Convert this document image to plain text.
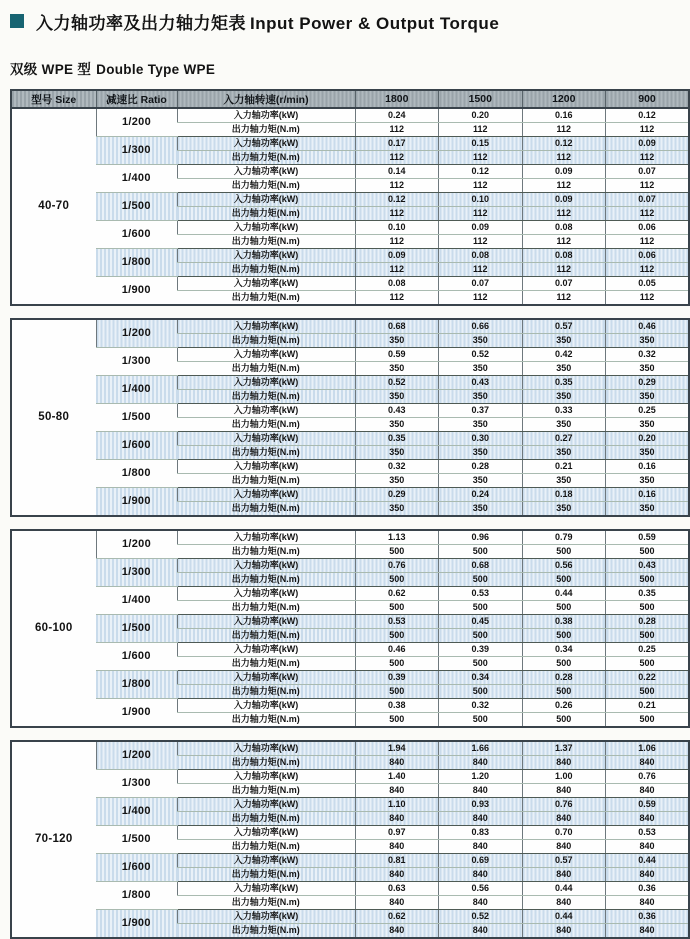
入力轴功率及出力轴力矩表 Input Power & Output Torque
双级 WPE 型 Double Type WPE
型号 Size	减速比 Ratio	入力轴转速(r/min)	1800	1500	1200	900
40-70	1/200	入力轴功率(kW)	0.24	0.20	0.16	0.12
		出力轴力矩(N.m)	112	112	112	112
	1/300	入力轴功率(kW)	0.17	0.15	0.12	0.09
		出力轴力矩(N.m)	112	112	112	112
	1/400	入力轴功率(kW)	0.14	0.12	0.09	0.07
		出力轴力矩(N.m)	112	112	112	112
	1/500	入力轴功率(kW)	0.12	0.10	0.09	0.07
		出力轴力矩(N.m)	112	112	112	112
	1/600	入力轴功率(kW)	0.10	0.09	0.08	0.06
		出力轴力矩(N.m)	112	112	112	112
	1/800	入力轴功率(kW)	0.09	0.08	0.08	0.06
		出力轴力矩(N.m)	112	112	112	112
	1/900	入力轴功率(kW)	0.08	0.07	0.07	0.05
		出力轴力矩(N.m)	112	112	112	112
50-80	1/200	入力轴功率(kW)	0.68	0.66	0.57	0.46
		出力轴力矩(N.m)	350	350	350	350
	1/300	入力轴功率(kW)	0.59	0.52	0.42	0.32
		出力轴力矩(N.m)	350	350	350	350
	1/400	入力轴功率(kW)	0.52	0.43	0.35	0.29
		出力轴力矩(N.m)	350	350	350	350
	1/500	入力轴功率(kW)	0.43	0.37	0.33	0.25
		出力轴力矩(N.m)	350	350	350	350
	1/600	入力轴功率(kW)	0.35	0.30	0.27	0.20
		出力轴力矩(N.m)	350	350	350	350
	1/800	入力轴功率(kW)	0.32	0.28	0.21	0.16
		出力轴力矩(N.m)	350	350	350	350
	1/900	入力轴功率(kW)	0.29	0.24	0.18	0.16
		出力轴力矩(N.m)	350	350	350	350
60-100	1/200	入力轴功率(kW)	1.13	0.96	0.79	0.59
		出力轴力矩(N.m)	500	500	500	500
	1/300	入力轴功率(kW)	0.76	0.68	0.56	0.43
		出力轴力矩(N.m)	500	500	500	500
	1/400	入力轴功率(kW)	0.62	0.53	0.44	0.35
		出力轴力矩(N.m)	500	500	500	500
	1/500	入力轴功率(kW)	0.53	0.45	0.38	0.28
		出力轴力矩(N.m)	500	500	500	500
	1/600	入力轴功率(kW)	0.46	0.39	0.34	0.25
		出力轴力矩(N.m)	500	500	500	500
	1/800	入力轴功率(kW)	0.39	0.34	0.28	0.22
		出力轴力矩(N.m)	500	500	500	500
	1/900	入力轴功率(kW)	0.38	0.32	0.26	0.21
		出力轴力矩(N.m)	500	500	500	500
70-120	1/200	入力轴功率(kW)	1.94	1.66	1.37	1.06
		出力轴力矩(N.m)	840	840	840	840
	1/300	入力轴功率(kW)	1.40	1.20	1.00	0.76
		出力轴力矩(N.m)	840	840	840	840
	1/400	入力轴功率(kW)	1.10	0.93	0.76	0.59
		出力轴力矩(N.m)	840	840	840	840
	1/500	入力轴功率(kW)	0.97	0.83	0.70	0.53
		出力轴力矩(N.m)	840	840	840	840
	1/600	入力轴功率(kW)	0.81	0.69	0.57	0.44
		出力轴力矩(N.m)	840	840	840	840
	1/800	入力轴功率(kW)	0.63	0.56	0.44	0.36
		出力轴力矩(N.m)	840	840	840	840
	1/900	入力轴功率(kW)	0.62	0.52	0.44	0.36
		出力轴力矩(N.m)	840	840	840	840
